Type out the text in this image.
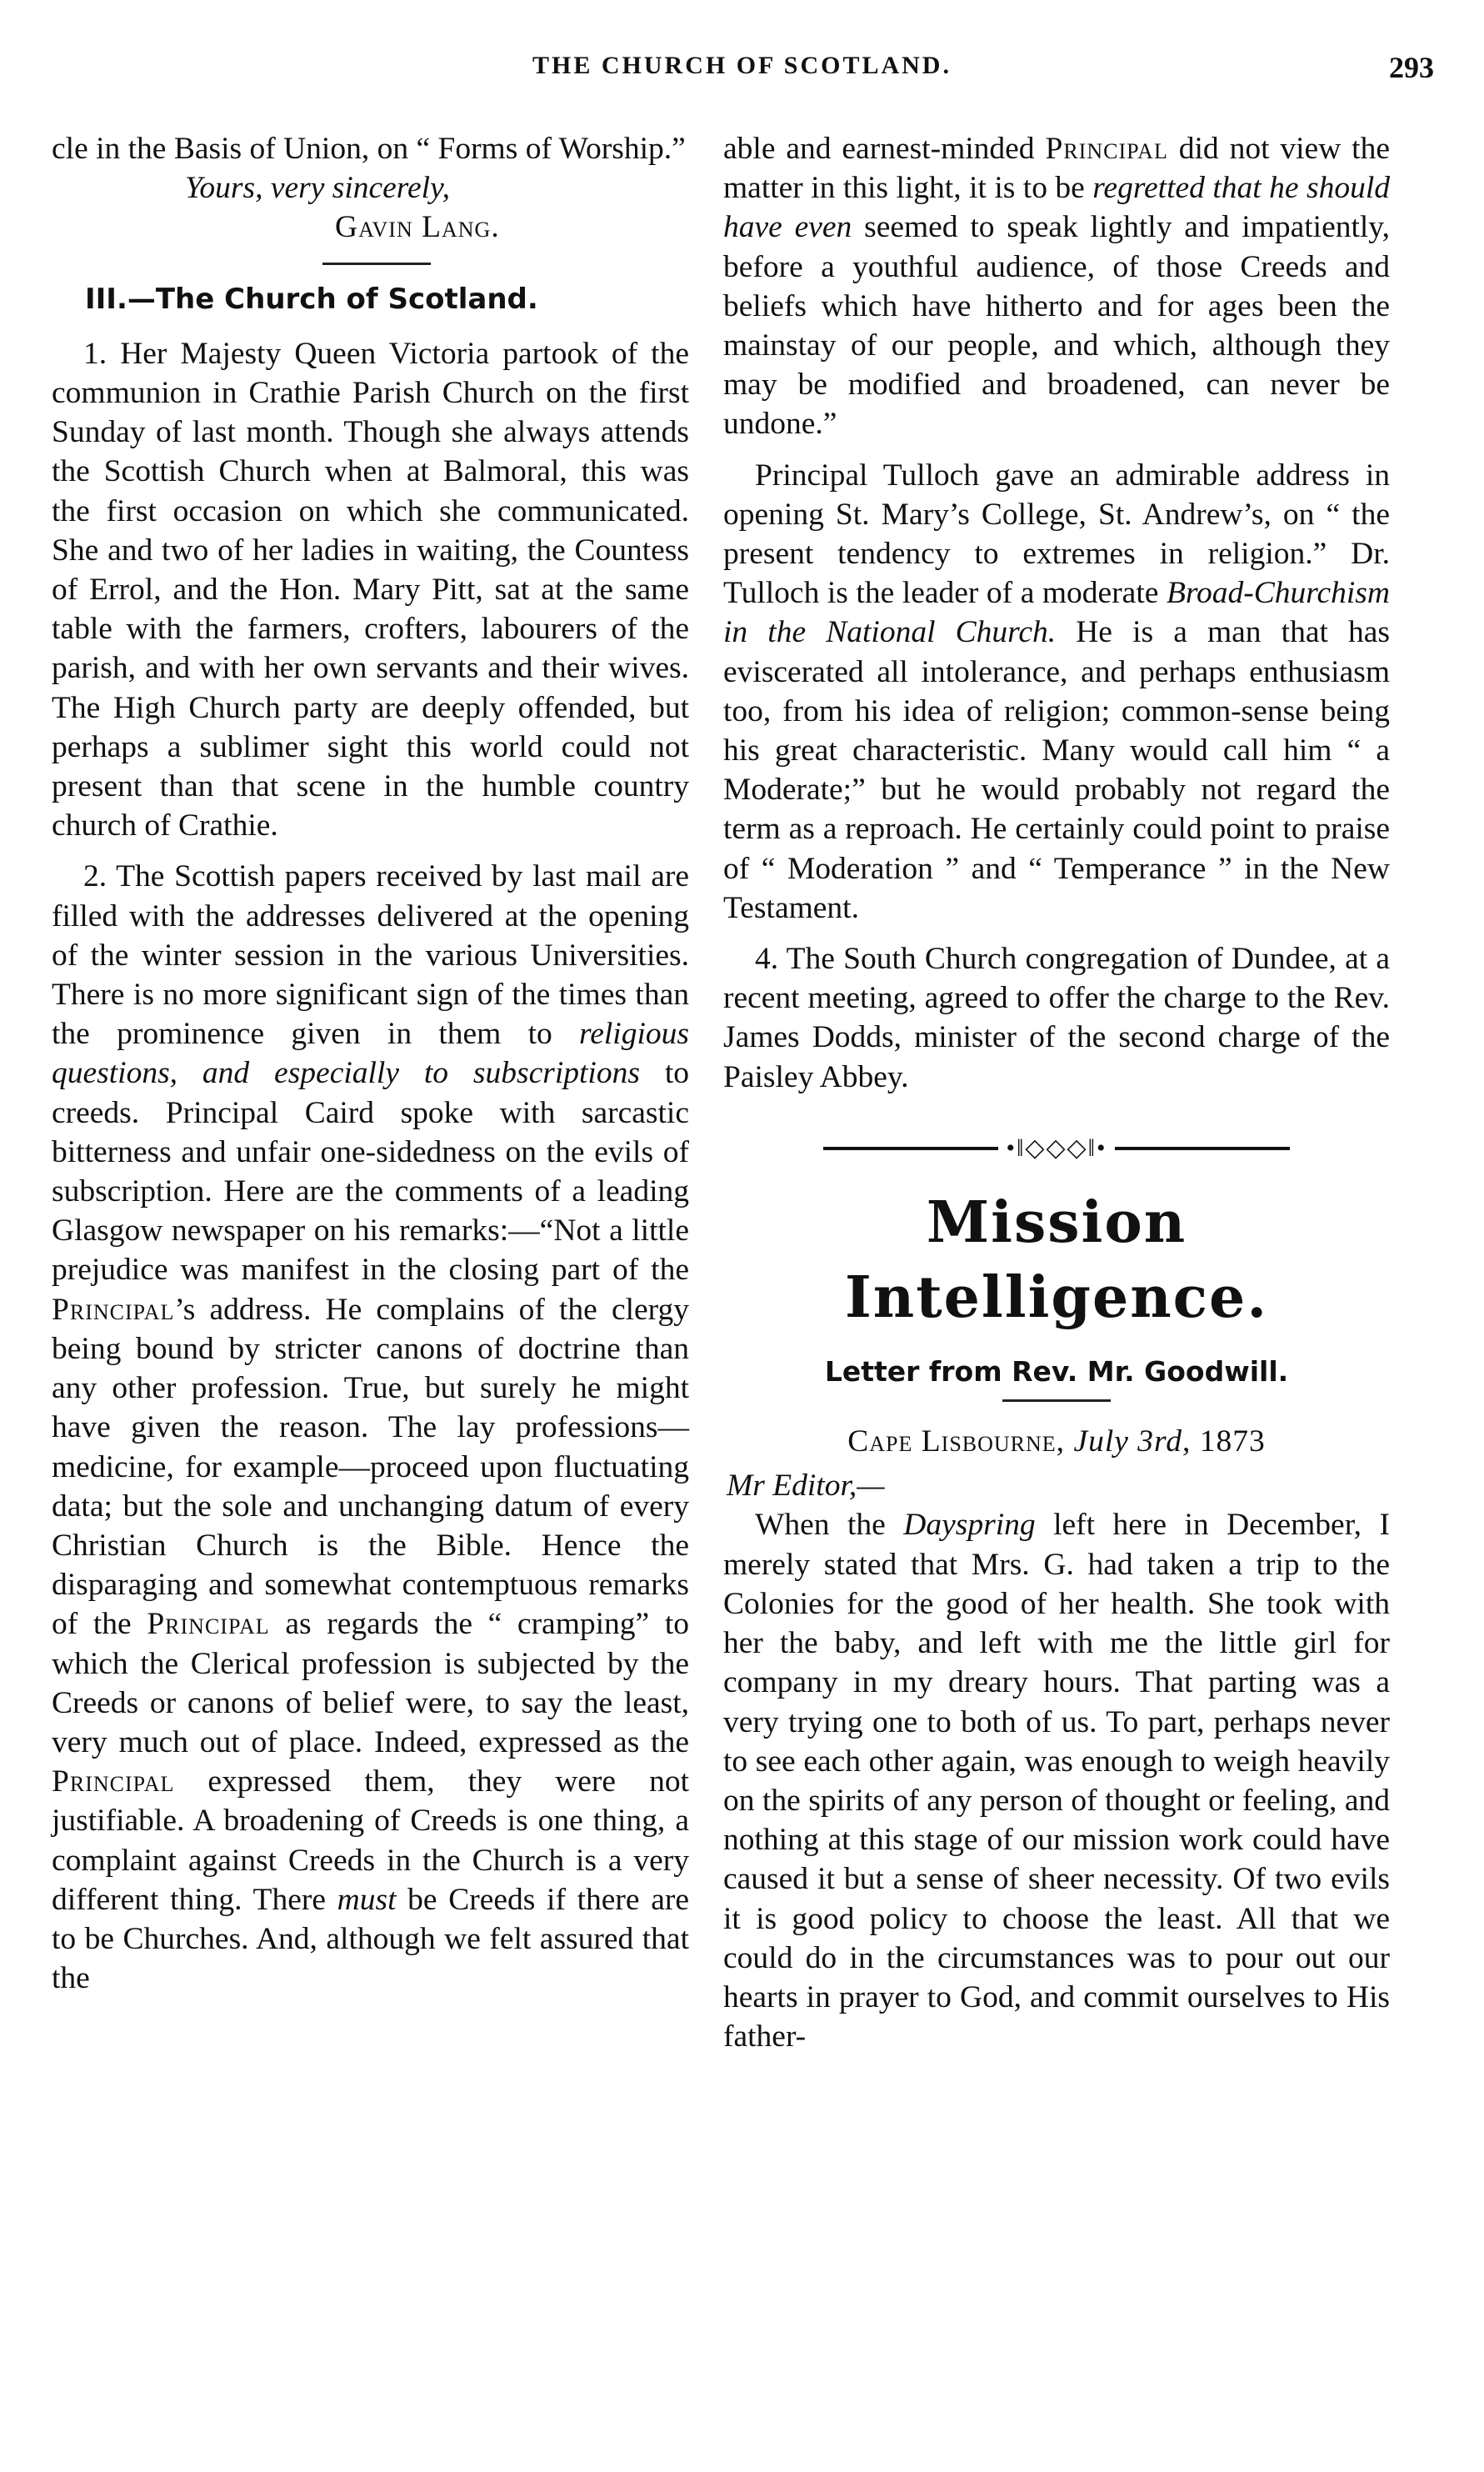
THE CHURCH OF SCOTLAND.	293

cle in the Basis of Union, on “ Forms of Worship.”

Yours, very sincerely,
Gavin Lang.
III.—The Church of Scotland.

1. Her Majesty Queen Victoria partook of the communion in Crathie Parish Church on the first Sunday of last month. Though she always attends the Scottish Church when at Balmoral, this was the first occasion on which she communicated. She and two of her ladies in waiting, the Countess of Errol, and the Hon. Mary Pitt, sat at the same table with the farmers, crofters, labourers of the parish, and with her own servants and their wives. The High Church party are deeply offended, but perhaps a sublimer sight this world could not present than that scene in the humble country church of Crathie.

2. The Scottish papers received by last mail are filled with the addresses delivered at the opening of the winter session in the various Universities. There is no more significant sign of the times than the prominence given in them to religious questions, and especially to subscriptions to creeds. Principal Caird spoke with sarcastic bitterness and unfair one-sidedness on the evils of subscription. Here are the comments of a leading Glasgow newspaper on his remarks:—“Not a little prejudice was manifest in the closing part of the Principal’s address. He complains of the clergy being bound by stricter canons of doctrine than any other profession. True, but surely he might have given the reason. The lay professions—medicine, for example—proceed upon fluctuating data; but the sole and unchanging datum of every Christian Church is the Bible. Hence the disparaging and somewhat contemptuous remarks of the Principal as regards the “ cramping” to which the Clerical profession is subjected by the Creeds or canons of belief were, to say the least, very much out of place. Indeed, expressed as the Principal expressed them, they were not justifiable. A broadening of Creeds is one thing, a complaint against Creeds in the Church is a very different thing. There must be Creeds if there are to be Churches. And, although we felt assured that the

able and earnest-minded Principal did not view the matter in this light, it is to be regretted that he should have even seemed to speak lightly and impatiently, before a youthful audience, of those Creeds and beliefs which have hitherto and for ages been the mainstay of our people, and which, although they may be modified and broadened, can never be undone.”

Principal Tulloch gave an admirable address in opening St. Mary’s College, St. Andrew’s, on “ the present tendency to extremes in religion.” Dr. Tulloch is the leader of a moderate Broad-Churchism in the National Church. He is a man that has eviscerated all intolerance, and perhaps enthusiasm too, from his idea of religion; common-sense being his great characteristic. Many would call him “ a Moderate;” but he would probably not regard the term as a reproach. He certainly could point to praise of “ Moderation ” and “ Temperance ” in the New Testament.

4. The South Church congregation of Dundee, at a recent meeting, agreed to offer the charge to the Rev. James Dodds, minister of the second charge of the Paisley Abbey.

•‖◇◇◇‖•
Mission Intelligence.
Letter from Rev. Mr. Goodwill.
Cape Lisbourne, July 3rd, 1873
Mr Editor,—

When the Dayspring left here in December, I merely stated that Mrs. G. had taken a trip to the Colonies for the good of her health. She took with her the baby, and left with me the little girl for company in my dreary hours. That parting was a very trying one to both of us. To part, perhaps never to see each other again, was enough to weigh heavily on the spirits of any person of thought or feeling, and nothing at this stage of our mission work could have caused it but a sense of sheer necessity. Of two evils it is good policy to choose the least. All that we could do in the circumstances was to pour out our hearts in prayer to God, and commit ourselves to His father-
